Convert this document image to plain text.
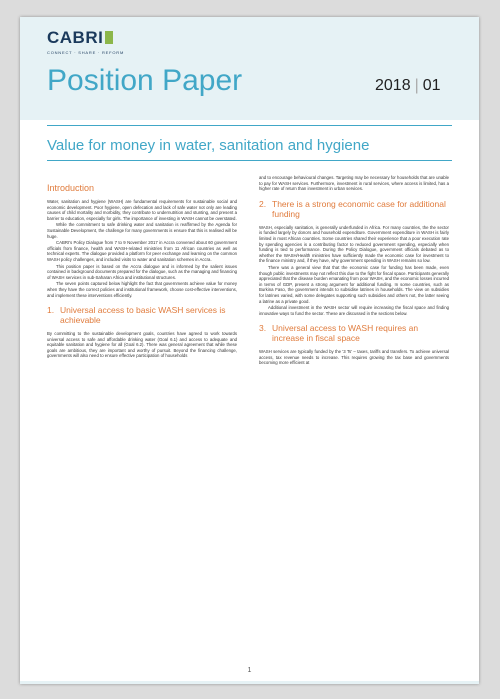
CABRI
CONNECT · SHARE · REFORM
Position Paper	2018 | 01
Value for money in water, sanitation and hygiene
Introduction

Water, sanitation and hygiene (WASH) are fundamental requirements for sustainable social and economic development. Poor hygiene, open defecation and lack of safe water not only are leading causes of child mortality and morbidity, they contribute to undernutrition and stunting, and present a barrier to education, especially for girls. The importance of investing in WASH cannot be overstated.

While the commitment to safe drinking water and sanitation is reaffirmed by the Agenda for Sustainable Development, the challenge for many governments is ensure that this is realised will be huge.

CABRI's Policy Dialogue from 7 to 9 November 2017 in Accra convened about 60 government officials from finance, health and WASH-related ministries from 11 African countries as well as technical experts. The dialogue provided a platform for peer exchange and learning on the common WASH policy challenges, and included visits to water and sanitation schemes in Accra.

This position paper is based on the Accra dialogue and is informed by the salient issues contained in background documents prepared for the dialogue, such as the managing and financing of WASH services in sub-Saharan Africa and institutional structures.

The seven points captured below highlight the fact that governments achieve value for money when they have the correct policies and institutional framework, choose cost-effective interventions, and implement these interventions efficiently.

1. Universal access to basic WASH services is achievable

By committing to the sustainable development goals, countries have agreed to work towards universal access to safe and affordable drinking water (Goal 6.1) and access to adequate and equitable sanitation and hygiene for all (Goal 6.2). There was general agreement that while these goals are ambitious, they are important and worthy of pursuit. Beyond the financing challenge, governments will also need to ensure effective participation of households

and to encourage behavioural changes. Targeting may be necessary for households that are unable to pay for WASH services. Furthermore, investment in rural services, where access is limited, has a higher rate of return than investment in urban services.

2. There is a strong economic case for additional funding

WASH, especially sanitation, is generally underfunded in Africa. For many countries, the the sector is funded largely by donors and household expenditure. Government expenditure in WASH is fairly limited in most African countries. Some countries shared their experience that a poor execution rate by spending agencies is a contributing factor to reduced government spending, especially when funding is tied to performance. During the Policy Dialogue, government officials debated as to whether the WASH/Health ministries have sufficiently made the economic case for investment to the finance ministry and, if they have, why government spending in WASH remains so low.

There was a general view that that the economic case for funding has been made, even though public investments may not reflect this due to the fight for fiscal space. Participants generally appreciated that the disease burden emanating from poor WASH, and the economic losses incurred in terms of GDP, present a strong argument for additional funding. In some countries, such as Burkina Faso, the government intends to subsidise latrines in households. The view on subsidies for latrines varied, with some delegates supporting such subsidies and others not, the latter seeing a latrine as a private good.

Additional investment in the WASH sector will require increasing the fiscal space and finding innovative ways to fund the sector. These are discussed in the sections below.

3. Universal access to WASH requires an increase in fiscal space

WASH services are typically funded by the '3 Ts' – taxes, tariffs and transfers. To achieve universal access, tax revenue needs to increase. This requires growing the tax base and governments becoming more efficient at

1
